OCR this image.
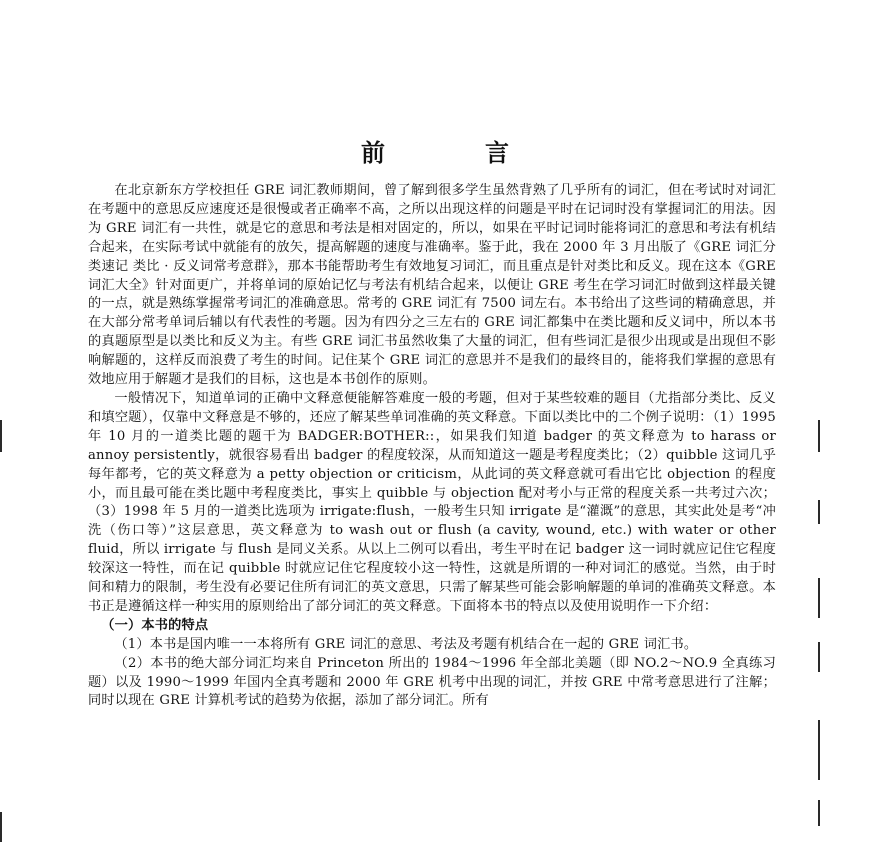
前　言

在北京新东方学校担任 GRE 词汇教师期间，曾了解到很多学生虽然背熟了几乎所有的词汇，但在考试时对词汇在考题中的意思反应速度还是很慢或者正确率不高，之所以出现这样的问题是平时在记词时没有掌握词汇的用法。因为 GRE 词汇有一共性，就是它的意思和考法是相对固定的，所以，如果在平时记词时能将词汇的意思和考法有机结合起来，在实际考试中就能有的放矢，提高解题的速度与准确率。鉴于此，我在 2000 年 3 月出版了《GRE 词汇分类速记 类比 · 反义词常考意群》，那本书能帮助考生有效地复习词汇，而且重点是针对类比和反义。现在这本《GRE 词汇大全》针对面更广，并将单词的原始记忆与考法有机结合起来，以便让 GRE 考生在学习词汇时做到这样最关键的一点，就是熟练掌握常考词汇的准确意思。常考的 GRE 词汇有 7500 词左右。本书给出了这些词的精确意思，并在大部分常考单词后辅以有代表性的考题。因为有四分之三左右的 GRE 词汇都集中在类比题和反义词中，所以本书的真题原型是以类比和反义为主。有些 GRE 词汇书虽然收集了大量的词汇，但有些词汇是很少出现或是出现但不影响解题的，这样反而浪费了考生的时间。记住某个 GRE 词汇的意思并不是我们的最终目的，能将我们掌握的意思有效地应用于解题才是我们的目标，这也是本书创作的原则。

一般情况下，知道单词的正确中文释意便能解答难度一般的考题，但对于某些较难的题目（尤指部分类比、反义和填空题），仅靠中文释意是不够的，还应了解某些单词准确的英文释意。下面以类比中的二个例子说明：（1）1995 年 10 月的一道类比题的题干为 BADGER:BOTHER::，如果我们知道 badger 的英文释意为 to harass or annoy persistently，就很容易看出 badger 的程度较深，从而知道这一题是考程度类比；（2）quibble 这词几乎每年都考，它的英文释意为 a petty objection or criticism，从此词的英文释意就可看出它比 objection 的程度小，而且最可能在类比题中考程度类比，事实上 quibble 与 objection 配对考小与正常的程度关系一共考过六次；（3）1998 年 5 月的一道类比选项为 irrigate:flush，一般考生只知 irrigate 是“灌溉”的意思，其实此处是考“冲洗（伤口等）”这层意思，英文释意为 to wash out or flush (a cavity, wound, etc.) with water or other fluid，所以 irrigate 与 flush 是同义关系。从以上二例可以看出，考生平时在记 badger 这一词时就应记住它程度较深这一特性，而在记 quibble 时就应记住它程度较小这一特性，这就是所谓的一种对词汇的感觉。当然，由于时间和精力的限制，考生没有必要记住所有词汇的英文意思，只需了解某些可能会影响解题的单词的准确英文释意。本书正是遵循这样一种实用的原则给出了部分词汇的英文释意。下面将本书的特点以及使用说明作一下介绍：

（一）本书的特点

（1）本书是国内唯一一本将所有 GRE 词汇的意思、考法及考题有机结合在一起的 GRE 词汇书。

（2）本书的绝大部分词汇均来自 Princeton 所出的 1984～1996 年全部北美题（即 NO.2～NO.9 全真练习题）以及 1990～1999 年国内全真考题和 2000 年 GRE 机考中出现的词汇，并按 GRE 中常考意思进行了注解；同时以现在 GRE 计算机考试的趋势为依据，添加了部分词汇。所有
